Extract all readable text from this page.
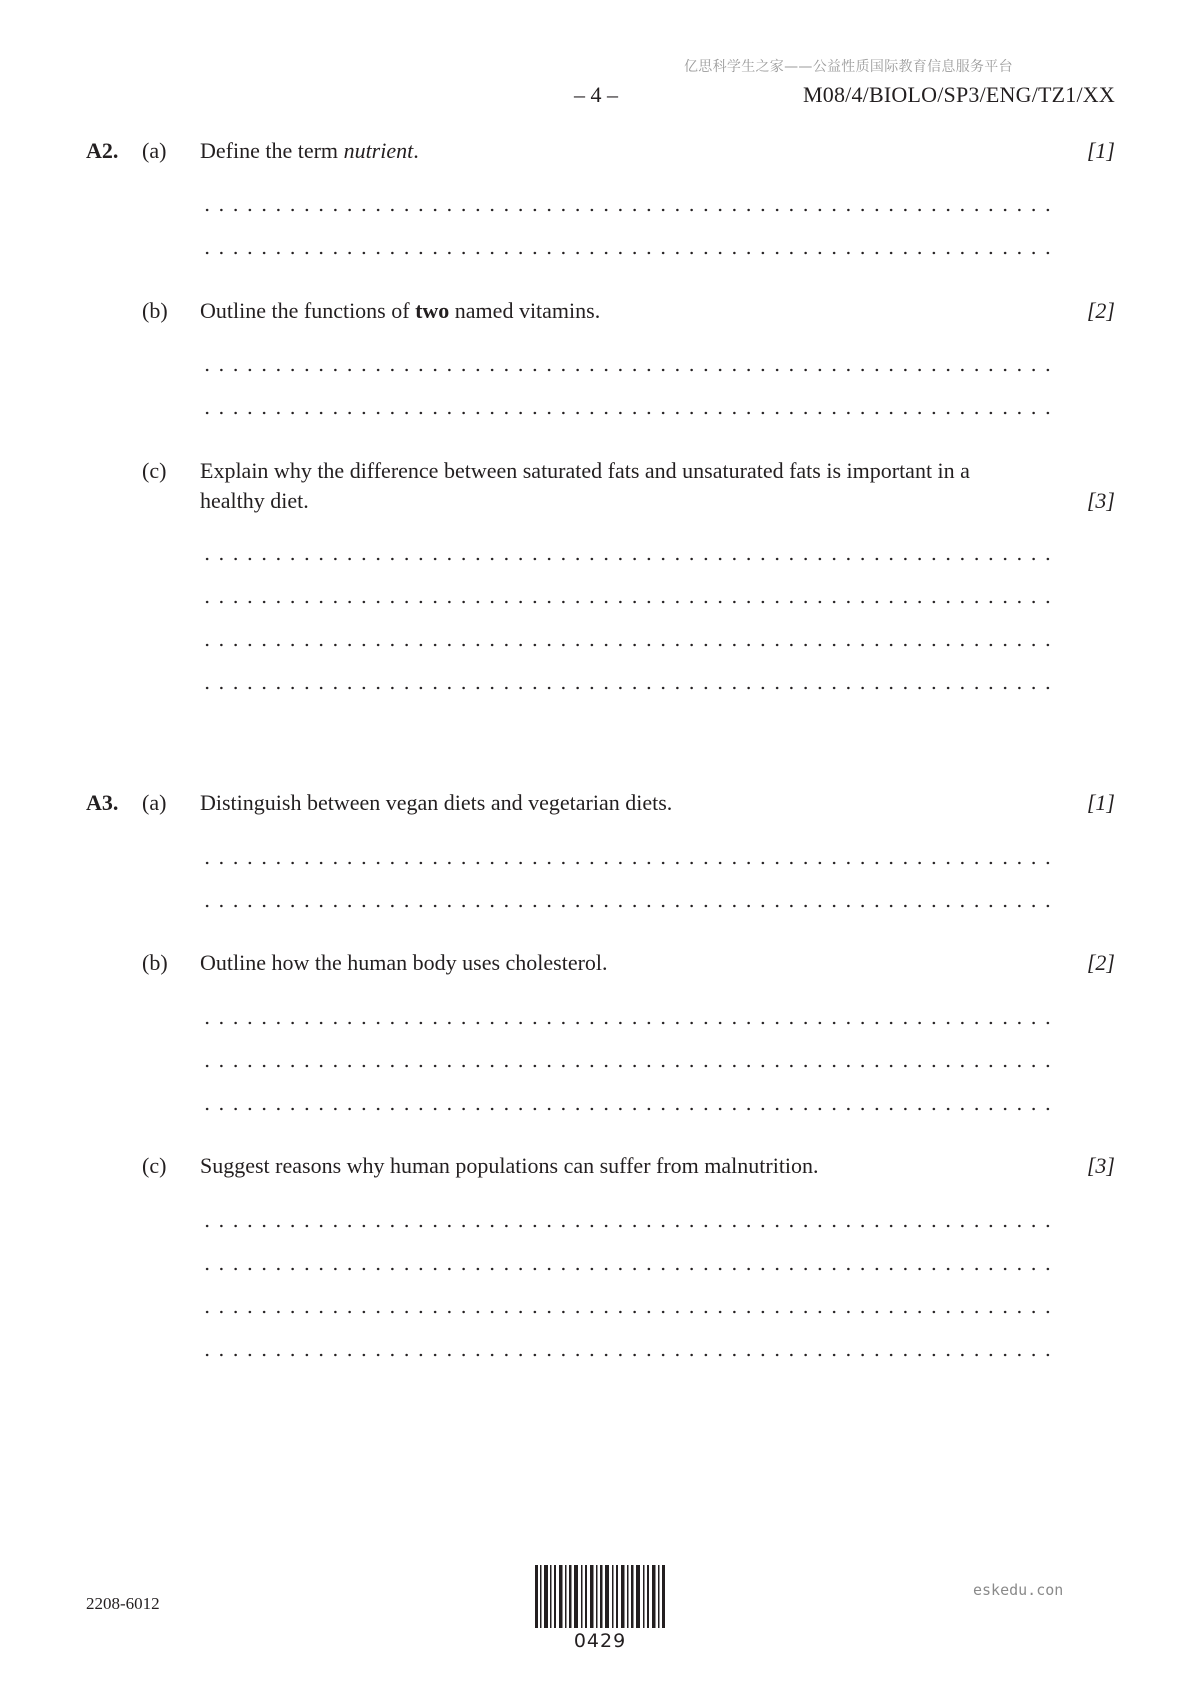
亿思科学生之家——公益性质国际教育信息服务平台
– 4 –	M08/4/BIOLO/SP3/ENG/TZ1/XX
A2. (a) Define the term nutrient.	[1]
(b) Outline the functions of two named vitamins.	[2]
(c) Explain why the difference between saturated fats and unsaturated fats is important in a
healthy diet.	[3]
A3. (a) Distinguish between vegan diets and vegetarian diets.	[1]
(b) Outline how the human body uses cholesterol.	[2]
(c) Suggest reasons why human populations can suffer from malnutrition.	[3]
2208-6012
0429
eskedu.con
